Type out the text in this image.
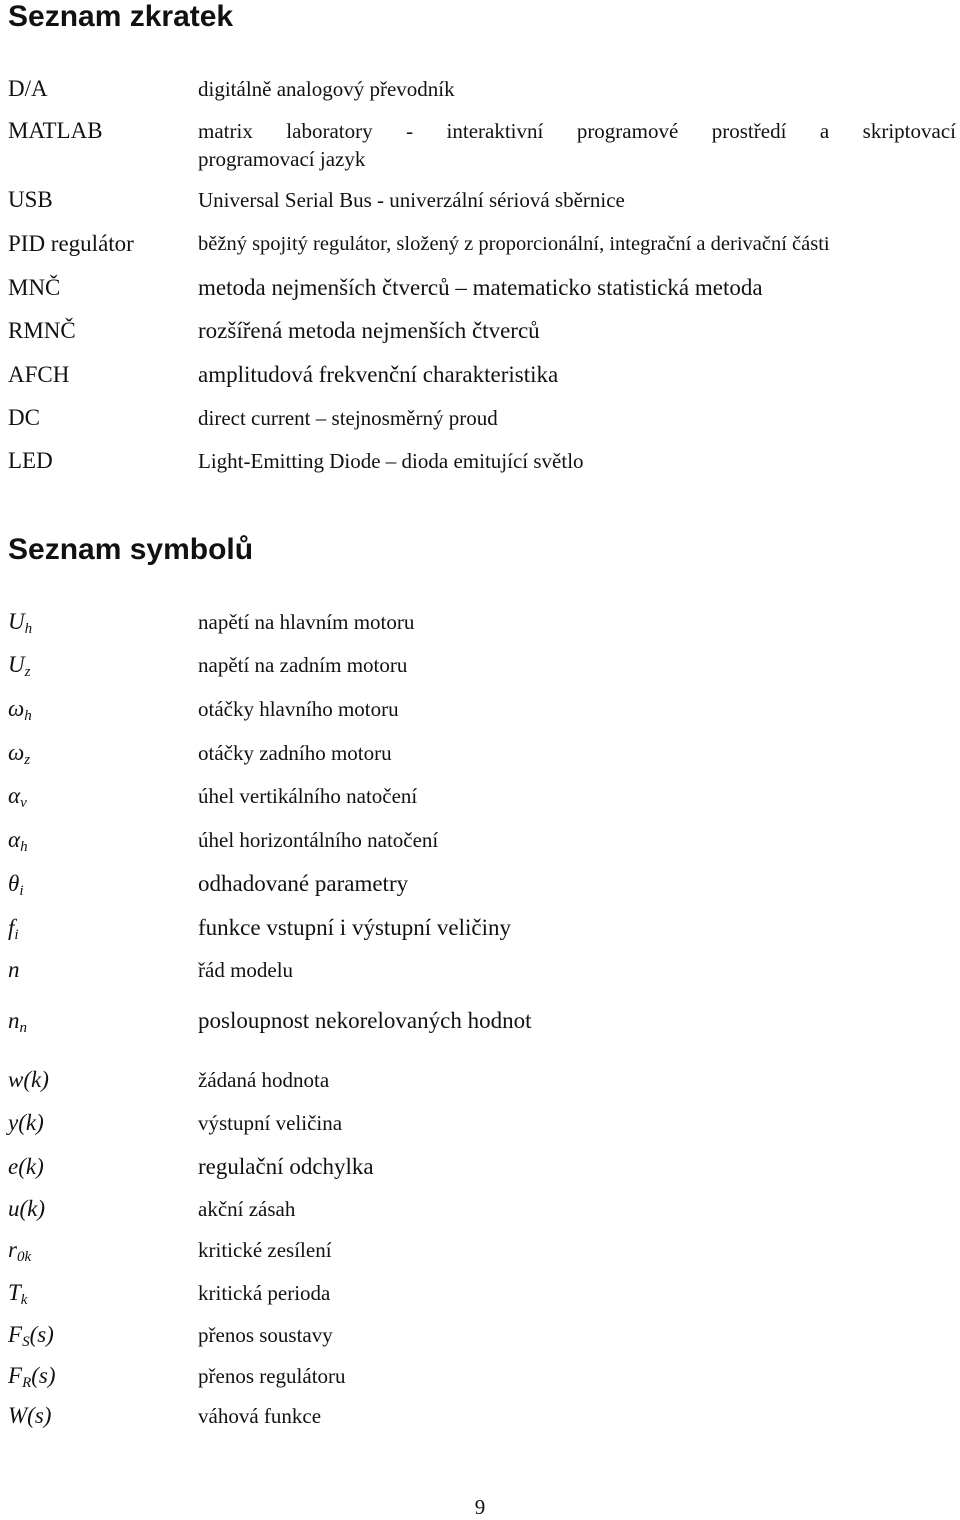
Seznam zkratek
D/A	digitálně analogový převodník
MATLAB	matrix laboratory - interaktivní programové prostředí a skriptovací
programovací jazyk
USB	Universal Serial Bus - univerzální sériová sběrnice
PID regulátor	běžný spojitý regulátor, složený z proporcionální, integrační a derivační části
MNČ	metoda nejmenších čtverců – matematicko statistická metoda
RMNČ	rozšířená metoda nejmenších čtverců
AFCH	amplitudová frekvenční charakteristika
DC	direct current – stejnosměrný proud
LED	Light-Emitting Diode – dioda emitující světlo
Seznam symbolů
$U_h$	napětí na hlavním motoru
$U_z$	napětí na zadním motoru
$\omega_h$	otáčky hlavního motoru
$\omega_z$	otáčky zadního motoru
$\alpha_v$	úhel vertikálního natočení
$\alpha_h$	úhel horizontálního natočení
$\theta_i$	odhadované parametry
$f_i$	funkce vstupní i výstupní veličiny
n	řád modelu
$n_n$	posloupnost nekorelovaných hodnot
w(k)	žádaná hodnota
y(k)	výstupní veličina
e(k)	regulační odchylka
u(k)	akční zásah
$r_{0k}$	kritické zesílení
$T_k$	kritická perioda
$F_S(s)$	přenos soustavy
$F_R(s)$	přenos regulátoru
W(s)	váhová funkce
9
